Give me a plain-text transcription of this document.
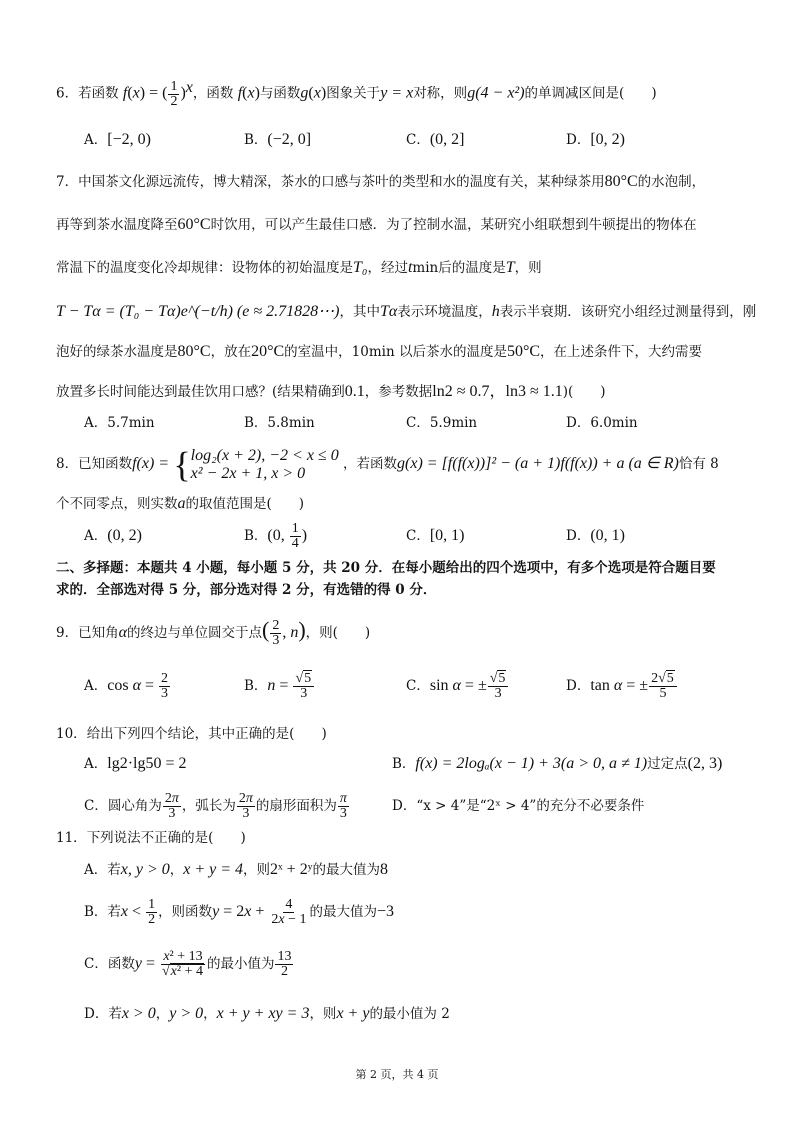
6．若函数 f(x) = ( $\frac{1}{2} )^x$，函数 f(x)与函数g(x)图象关于y = x对称，则g(4 − x²)的单调减区间是(　　)
A．[−2, 0)	B．(−2, 0]	C．(0, 2]	D．[0, 2)
7．中国茶文化源远流传，博大精深，茶水的口感与茶叶的类型和水的温度有关，某种绿茶用80°C的水泡制，
再等到茶水温度降至60°C时饮用，可以产生最佳口感．为了控制水温，某研究小组联想到牛顿提出的物体在
常温下的温度变化冷却规律：设物体的初始温度是T₀，经过tmin后的温度是T，则
T − Tα = (T₀ − Tα)e^(−t/h) (e ≈ 2.71828⋯)，其中Tα表示环境温度，h表示半衰期．该研究小组经过测量得到，刚
泡好的绿茶水温度是80°C，放在20°C的室温中，10min 以后茶水的温度是50°C，在上述条件下，大约需要
放置多长时间能达到最佳饮用口感？(结果精确到0.1，参考数据ln2 ≈ 0.7，ln3 ≈ 1.1)(　　)
A．5.7min	B．5.8min	C．5.9min	D．6.0min
8．已知函数f(x) = { log₂(x + 2), −2 < x ≤ 0
x² − 2x + 1, x > 0
，若函数g(x) = [f(f(x))]² − (a + 1)f(f(x)) + a (a ∈ R)恰有 8
个不同零点，则实数a的取值范围是(　　)
A．(0, 2)	B．(0, $\frac{1}{4}$ )	C．[0, 1)	D．(0, 1)
二、多择题：本题共 4 小题，每小题 5 分，共 20 分．在每小题给出的四个选项中，有多个选项是符合题目要
求的．全部选对得 5 分，部分选对得 2 分，有选错的得 0 分．
9．已知角α的终边与单位圆交于点( $\frac{2}{3}$ , n)，则(　　)
A．$\cos \alpha = \frac{2}{3}$	B．$n = \frac{√5}{3}$	C．sin α = ± $\frac{√5}{3}$	D．tan α = ± $\frac{2√5}{5}$
10．给出下列四个结论，其中正确的是(　　)
A．lg2·lg50 = 2	B．f(x) = 2logₐ(x − 1) + 3(a > 0, a ≠ 1)过定点(2, 3)
C．圆心角为 $\frac{2\pi}{3}$ ，弧长为 $\frac{2\pi}{3}$ 的扇形面积为 $\frac{\pi}{3}$	D．“x > 4”是“2ˣ > 4”的充分不必要条件
11．下列说法不正确的是(　　)
A．若x, y > 0，x + y = 4，则2ˣ + 2ʸ的最大值为8
B．若$x < \frac{1}{2}$ ，则函数$y = 2x + \frac{4}{2x - 1}$ 的最大值为−3
C．函数$y = \frac{\text{x² + 13}}{\text{√x² + 4}}$ 的最小值为 $\frac{13}{2}$
D．若x > 0，y > 0，x + y + xy = 3，则x + y的最小值为 2
第 2 页，共 4 页
